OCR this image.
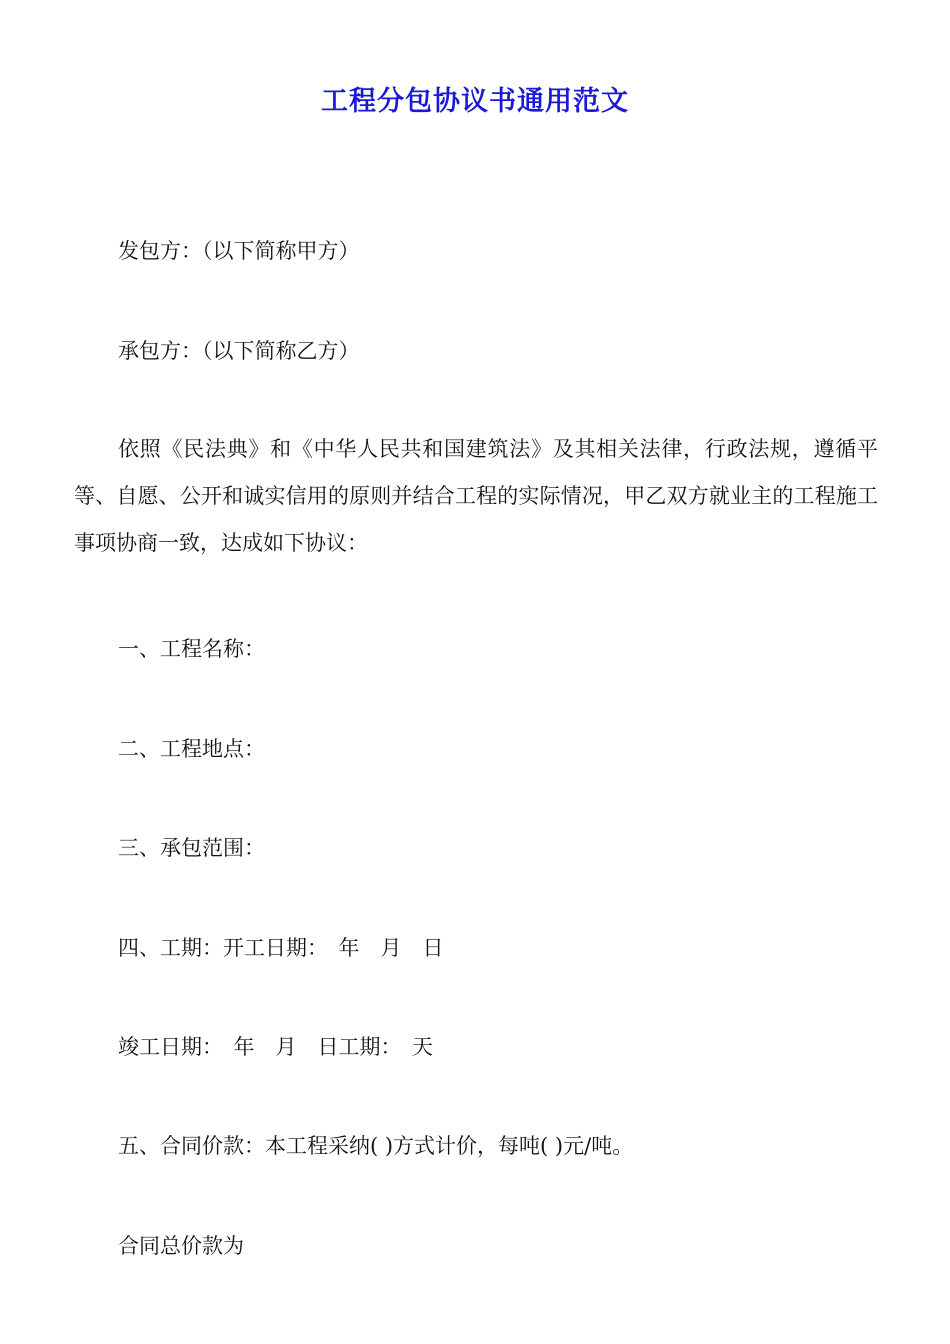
工程分包协议书通用范文
发包方：（以下简称甲方）
承包方：（以下简称乙方）
依照《民法典》和《中华人民共和国建筑法》及其相关法律，行政法规，遵循平等、自愿、公开和诚实信用的原则并结合工程的实际情况，甲乙双方就业主的工程施工事项协商一致，达成如下协议：
一、工程名称：
二、工程地点：
三、承包范围：
四、工期：开工日期：　年　月　日
竣工日期：　年　月　日工期：　天
五、合同价款：本工程采纳( )方式计价，每吨( )元/吨。
合同总价款为
